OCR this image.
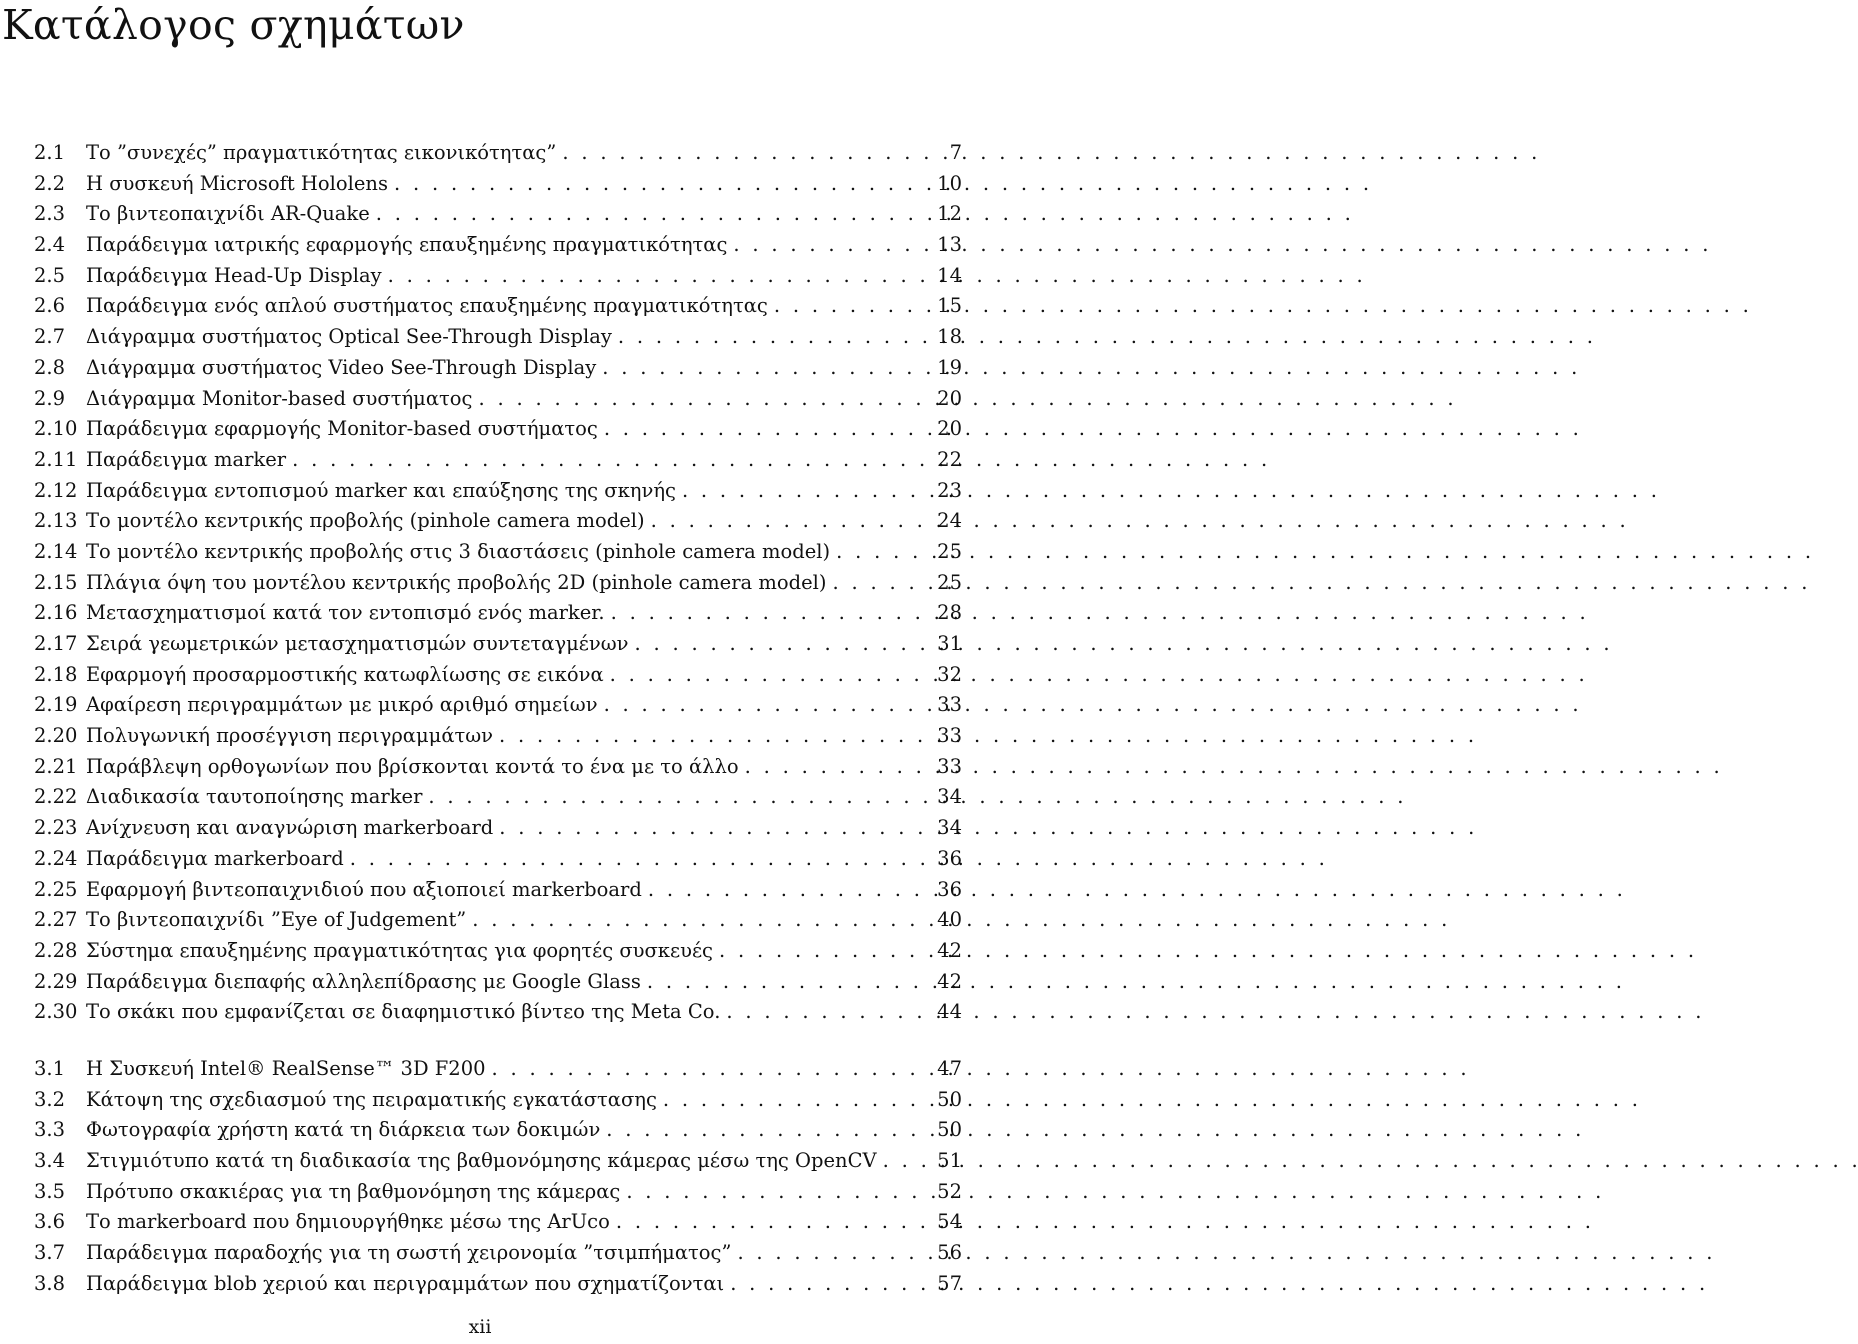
Κατάλογος σχημάτων
2.1	Το ”συνεχές” πραγματικότητας εικονικότητας” . . .	7
2.2	Η συσκευή Microsoft Hololens . . .	10
2.3	Το βιντεοπαιχνίδι AR-Quake . . .	12
2.4	Παράδειγμα ιατρικής εφαρμογής επαυξημένης πραγματικότητας . . .	13
2.5	Παράδειγμα Head-Up Display . . .	14
2.6	Παράδειγμα ενός απλού συστήματος επαυξημένης πραγματικότητας . . .	15
2.7	Διάγραμμα συστήματος Optical See-Through Display . . .	18
2.8	Διάγραμμα συστήματος Video See-Through Display . . .	19
2.9	Διάγραμμα Monitor-based συστήματος . . .	20
2.10 Παράδειγμα εφαρμογής Monitor-based συστήματος . . .	20
2.11 Παράδειγμα marker . . .	22
2.12 Παράδειγμα εντοπισμού marker και επαύξησης της σκηνής . . .	23
2.13 Το μοντέλο κεντρικής προβολής (pinhole camera model) . . .	24
2.14 Το μοντέλο κεντρικής προβολής στις 3 διαστάσεις (pinhole camera model) . . .	25
2.15 Πλάγια όψη του μοντέλου κεντρικής προβολής 2D (pinhole camera model) . . .	25
2.16 Μετασχηματισμοί κατά τον εντοπισμό ενός marker. . . .	28
2.17 Σειρά γεωμετρικών μετασχηματισμών συντεταγμένων . . .	31
2.18 Εφαρμογή προσαρμοστικής κατωφλίωσης σε εικόνα . . .	32
2.19 Αφαίρεση περιγραμμάτων με μικρό αριθμό σημείων . . .	33
2.20 Πολυγωνική προσέγγιση περιγραμμάτων . . .	33
2.21 Παράβλεψη ορθογωνίων που βρίσκονται κοντά το ένα με το άλλο . . .	33
2.22 Διαδικασία ταυτοποίησης marker . . .	34
2.23 Ανίχνευση και αναγνώριση markerboard . . .	34
2.24 Παράδειγμα markerboard . . .	36
2.25 Εφαρμογή βιντεοπαιχνιδιού που αξιοποιεί markerboard . . .	36
2.27 Το βιντεοπαιχνίδι ”Eye of Judgement” . . .	40
2.28 Σύστημα επαυξημένης πραγματικότητας για φορητές συσκευές . . .	42
2.29 Παράδειγμα διεπαφής αλληλεπίδρασης με Google Glass . . .	42
2.30 Το σκάκι που εμφανίζεται σε διαφημιστικό βίντεο της Meta Co. . . .	44
3.1	Η Συσκευή Intel® RealSense™ 3D F200 . . .	47
3.2	Κάτοψη της σχεδιασμού της πειραματικής εγκατάστασης . . .	50
3.3	Φωτογραφία χρήστη κατά τη διάρκεια των δοκιμών . . .	50
3.4	Στιγμιότυπο κατά τη διαδικασία της βαθμονόμησης κάμερας μέσω της OpenCV . . .	51
3.5	Πρότυπο σκακιέρας για τη βαθμονόμηση της κάμερας . . .	52
3.6	Το markerboard που δημιουργήθηκε μέσω της ArUco . . .	54
3.7	Παράδειγμα παραδοχής για τη σωστή χειρονομία ”τσιμπήματος” . . .	56
3.8	Παράδειγμα blob χεριού και περιγραμμάτων που σχηματίζονται . . .	57
xii
